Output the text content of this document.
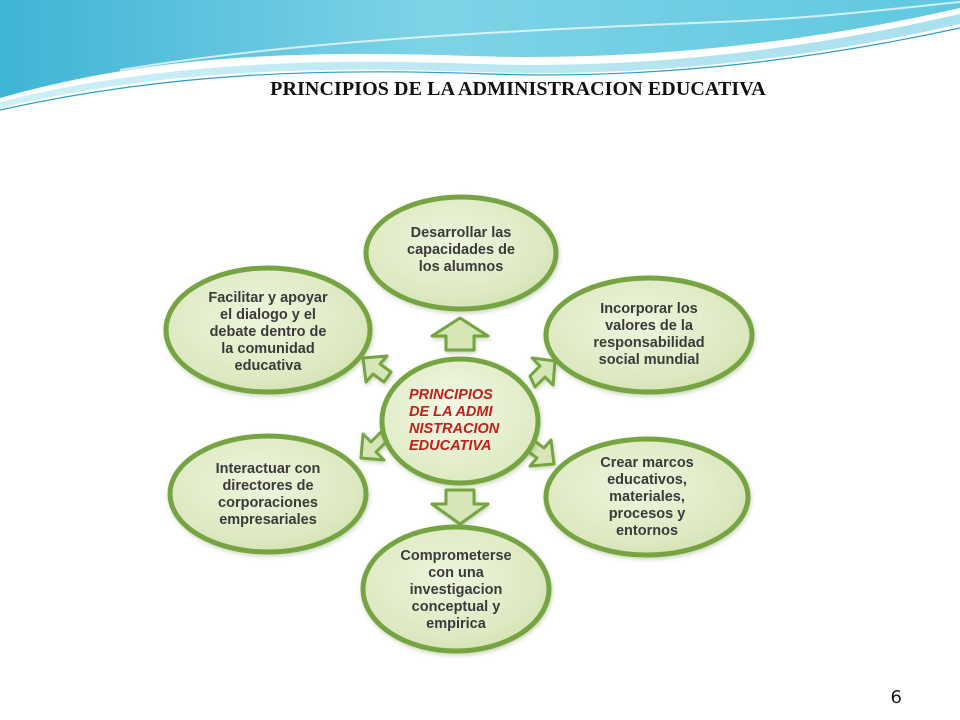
PRINCIPIOS DE LA ADMINISTRACION EDUCATIVA
PRINCIPIOS
DE LA ADMI
NISTRACION
EDUCATIVA
Desarrollar las
capacidades de
los alumnos
Incorporar los
valores de la
responsabilidad
social mundial
Crear marcos
educativos,
materiales,
procesos y
entornos
Comprometerse
con una
investigacion
conceptual y
empirica
Interactuar con
directores de
corporaciones
empresariales
Facilitar y apoyar
el dialogo y el
debate dentro de
la comunidad
educativa
6
